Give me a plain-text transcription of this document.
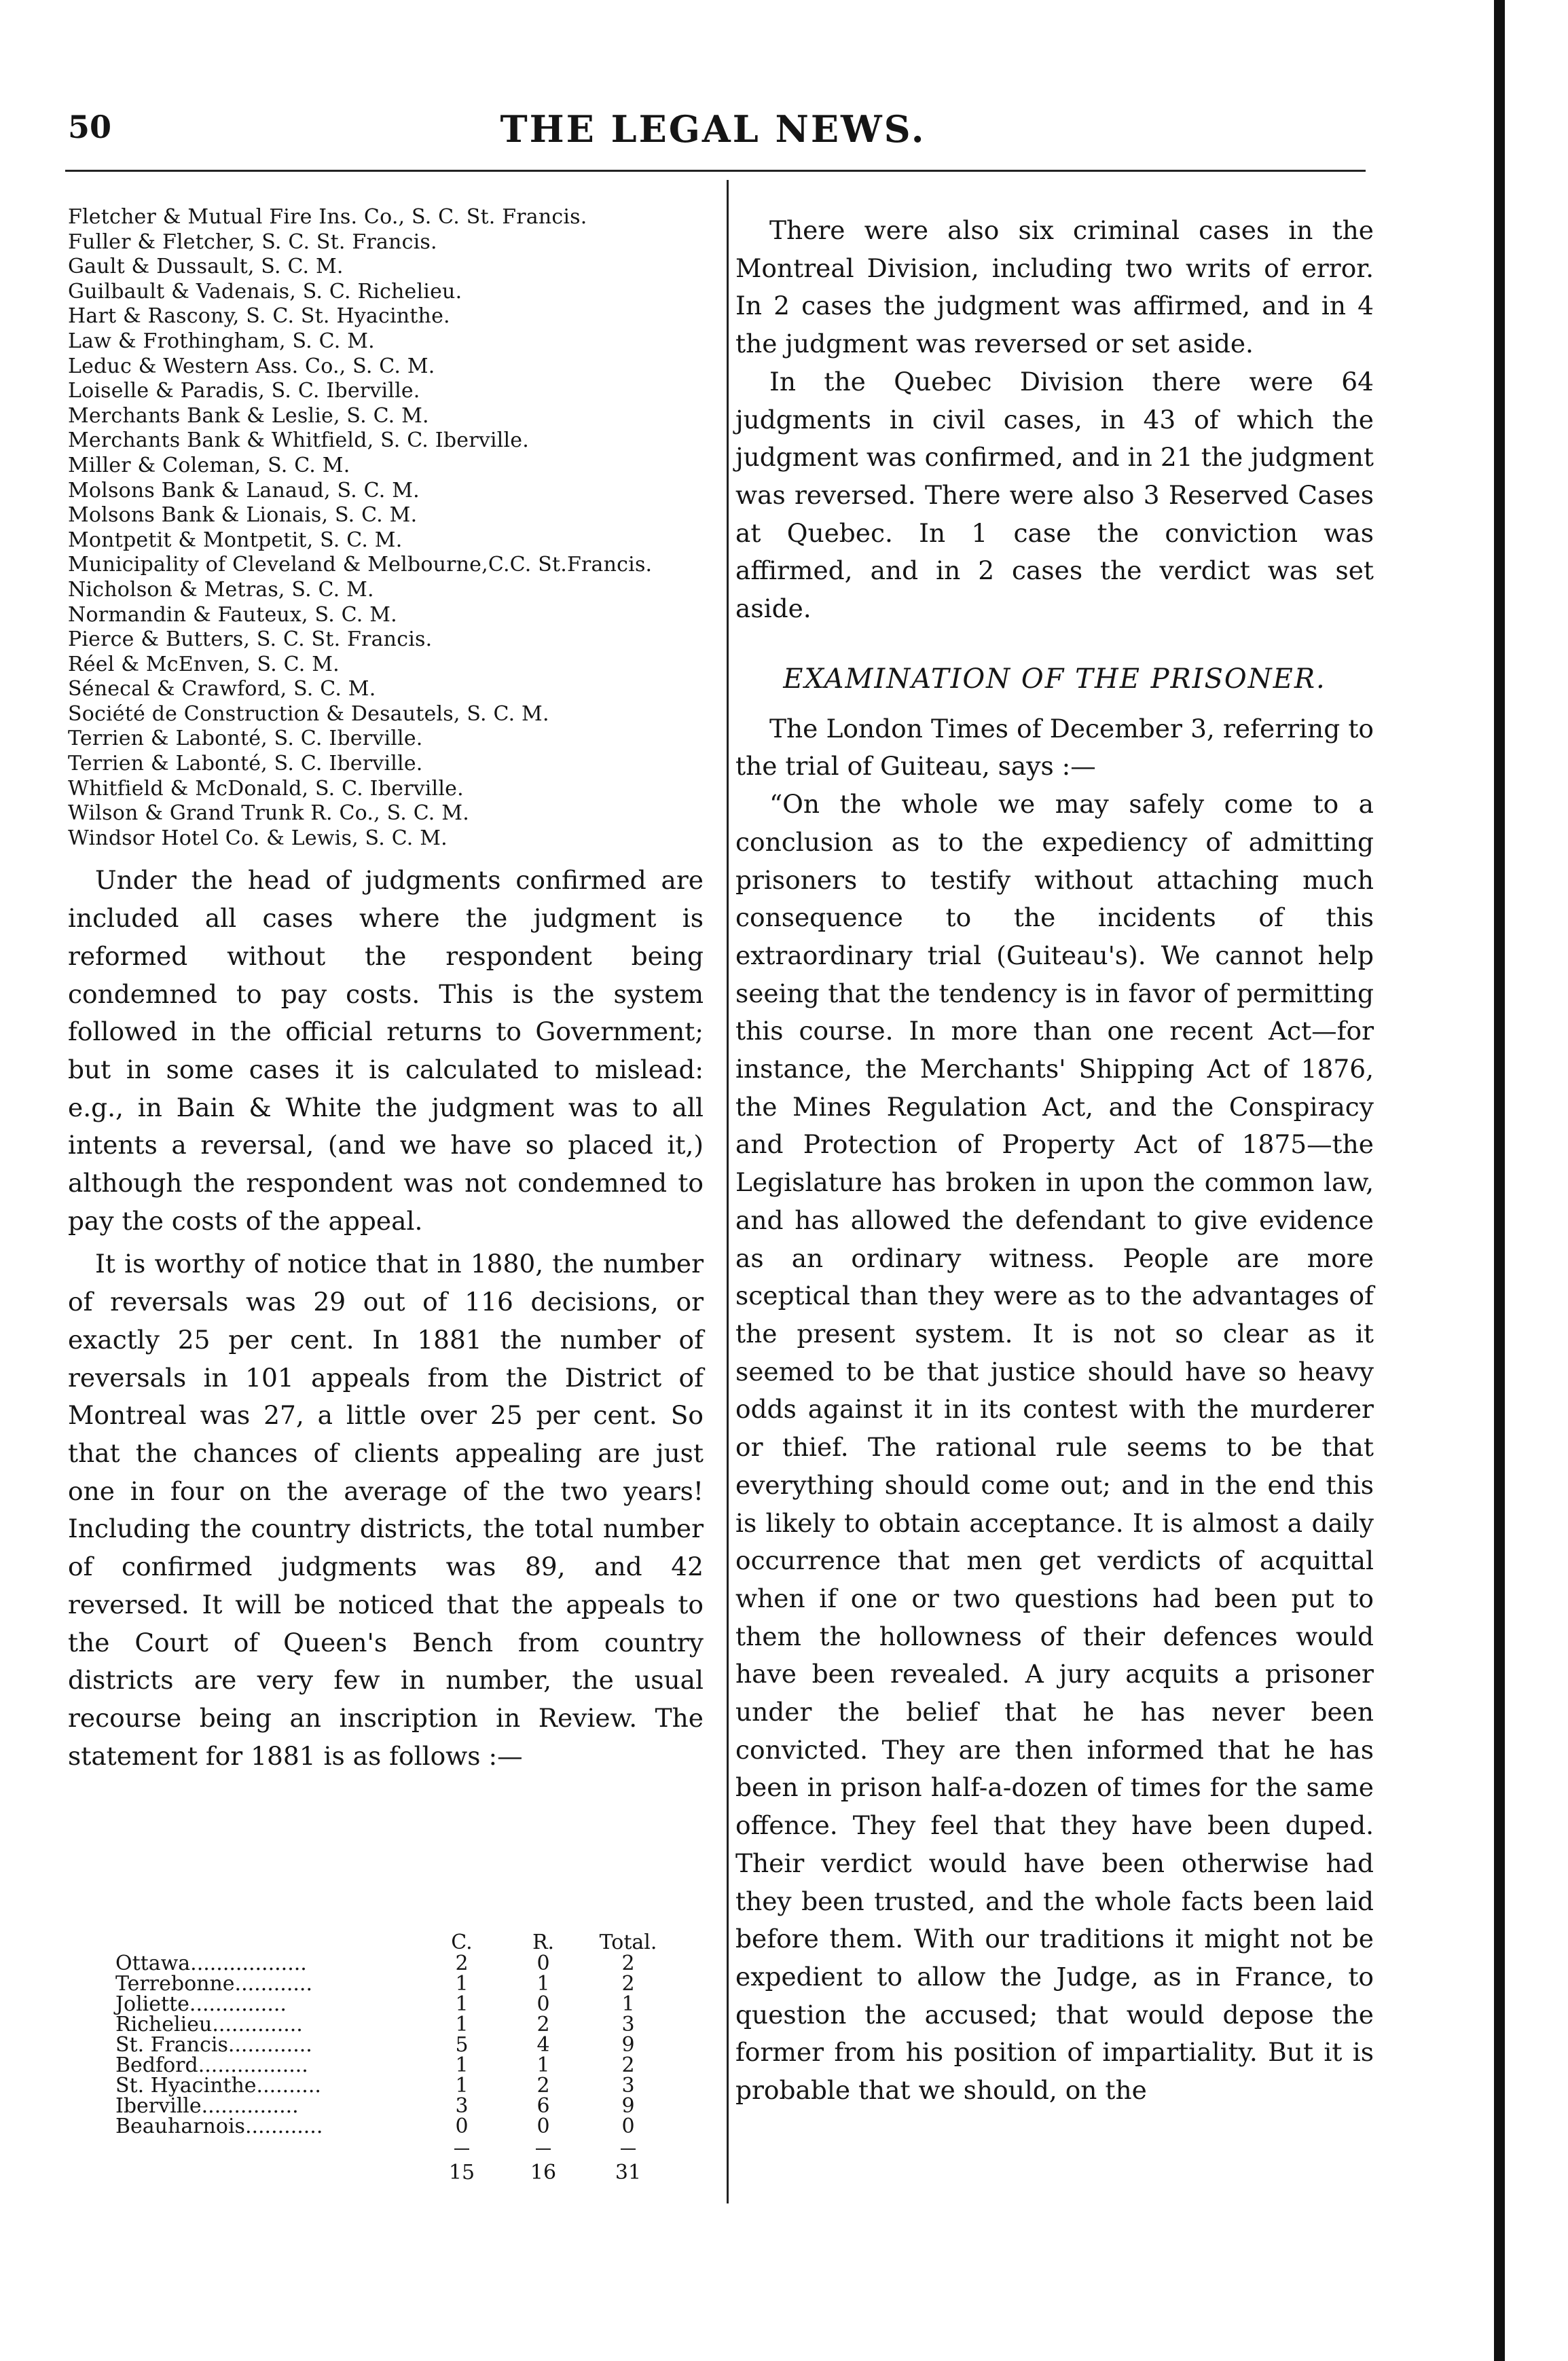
50	THE LEGAL NEWS.
Fletcher & Mutual Fire Ins. Co., S. C. St. Francis.
Fuller & Fletcher, S. C. St. Francis.
Gault & Dussault, S. C. M.
Guilbault & Vadenais, S. C. Richelieu.
Hart & Rascony, S. C. St. Hyacinthe.
Law & Frothingham, S. C. M.
Leduc & Western Ass. Co., S. C. M.
Loiselle & Paradis, S. C. Iberville.
Merchants Bank & Leslie, S. C. M.
Merchants Bank & Whitfield, S. C. Iberville.
Miller & Coleman, S. C. M.
Molsons Bank & Lanaud, S. C. M.
Molsons Bank & Lionais, S. C. M.
Montpetit & Montpetit, S. C. M.
Municipality of Cleveland & Melbourne,C.C. St.Francis.
Nicholson & Metras, S. C. M.
Normandin & Fauteux, S. C. M.
Pierce & Butters, S. C. St. Francis.
Réel & McEnven, S. C. M.
Sénecal & Crawford, S. C. M.
Société de Construction & Desautels, S. C. M.
Terrien & Labonté, S. C. Iberville.
Terrien & Labonté, S. C. Iberville.
Whitfield & McDonald, S. C. Iberville.
Wilson & Grand Trunk R. Co., S. C. M.
Windsor Hotel Co. & Lewis, S. C. M.

Under the head of judgments confirmed are included all cases where the judgment is reformed without the respondent being condemned to pay costs. This is the system followed in the official returns to Government; but in some cases it is calculated to mislead: e.g., in Bain & White the judgment was to all intents a reversal, (and we have so placed it,) although the respondent was not condemned to pay the costs of the appeal.

It is worthy of notice that in 1880, the number of reversals was 29 out of 116 decisions, or exactly 25 per cent. In 1881 the number of reversals in 101 appeals from the District of Montreal was 27, a little over 25 per cent. So that the chances of clients appealing are just one in four on the average of the two years! Including the country districts, the total number of confirmed judgments was 89, and 42 reversed. It will be noticed that the appeals to the Court of Queen's Bench from country districts are very few in number, the usual recourse being an inscription in Review. The statement for 1881 is as follows :—

	C.	R.	Total.
Ottawa..................	2	0	2
Terrebonne............	1	1	2
Joliette...............	1	0	1
Richelieu..............	1	2	3
St. Francis.............	5	4	9
Bedford.................	1	1	2
St. Hyacinthe..........	1	2	3
Iberville...............	3	6	9
Beauharnois............	0	0	0

	15	16	31

There were also six criminal cases in the Montreal Division, including two writs of error. In 2 cases the judgment was affirmed, and in 4 the judgment was reversed or set aside.

In the Quebec Division there were 64 judgments in civil cases, in 43 of which the judgment was confirmed, and in 21 the judgment was reversed. There were also 3 Reserved Cases at Quebec. In 1 case the conviction was affirmed, and in 2 cases the verdict was set aside.

EXAMINATION OF THE PRISONER.

The London Times of December 3, referring to the trial of Guiteau, says :—

“On the whole we may safely come to a conclusion as to the expediency of admitting prisoners to testify without attaching much consequence to the incidents of this extraordinary trial (Guiteau's). We cannot help seeing that the tendency is in favor of permitting this course. In more than one recent Act—for instance, the Merchants' Shipping Act of 1876, the Mines Regulation Act, and the Conspiracy and Protection of Property Act of 1875—the Legislature has broken in upon the common law, and has allowed the defendant to give evidence as an ordinary witness. People are more sceptical than they were as to the advantages of the present system. It is not so clear as it seemed to be that justice should have so heavy odds against it in its contest with the murderer or thief. The rational rule seems to be that everything should come out; and in the end this is likely to obtain acceptance. It is almost a daily occurrence that men get verdicts of acquittal when if one or two questions had been put to them the hollowness of their defences would have been revealed. A jury acquits a prisoner under the belief that he has never been convicted. They are then informed that he has been in prison half-a-dozen of times for the same offence. They feel that they have been duped. Their verdict would have been otherwise had they been trusted, and the whole facts been laid before them. With our traditions it might not be expedient to allow the Judge, as in France, to question the accused; that would depose the former from his position of impartiality. But it is probable that we should, on the
